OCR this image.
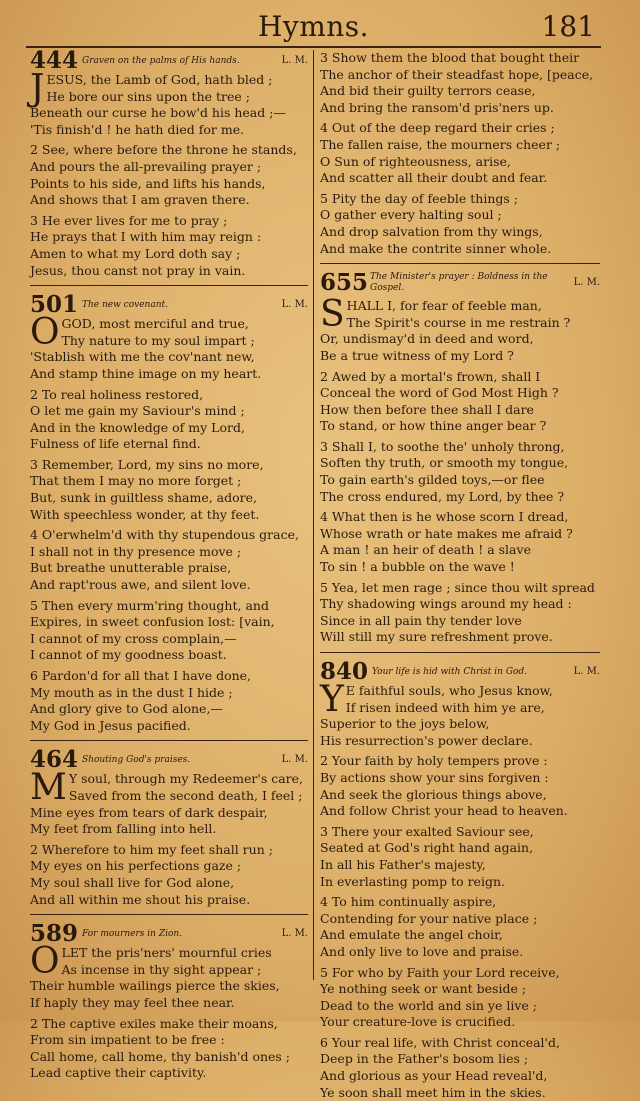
Hymns.	181
444 Graven on the palms of His hands.	L. M.
J ESUS, the Lamb of God, hath bled ;
He bore our sins upon the tree ;
Beneath our curse he bow'd his head ;—
'Tis finish'd ! he hath died for me.
2 See, where before the throne he stands,
And pours the all-prevailing prayer ;
Points to his side, and lifts his hands,
And shows that I am graven there.
3 He ever lives for me to pray ;
He prays that I with him may reign :
Amen to what my Lord doth say ;
Jesus, thou canst not pray in vain.
501 The new covenant.	L. M.
O GOD, most merciful and true,
Thy nature to my soul impart ;
'Stablish with me the cov'nant new,
And stamp thine image on my heart.
2 To real holiness restored,
O let me gain my Saviour's mind ;
And in the knowledge of my Lord,
Fulness of life eternal find.
3 Remember, Lord, my sins no more,
That them I may no more forget ;
But, sunk in guiltless shame, adore,
With speechless wonder, at thy feet.
4 O'erwhelm'd with thy stupendous grace,
I shall not in thy presence move ;
But breathe unutterable praise,
And rapt'rous awe, and silent love.
5 Then every murm'ring thought, and
Expires, in sweet confusion lost: [vain,
I cannot of my cross complain,—
I cannot of my goodness boast.
6 Pardon'd for all that I have done,
My mouth as in the dust I hide ;
And glory give to God alone,—
My God in Jesus pacified.
464 Shouting God's praises.	L. M.
M Y soul, through my Redeemer's care,
Saved from the second death, I feel ;
Mine eyes from tears of dark despair,
My feet from falling into hell.
2 Wherefore to him my feet shall run ;
My eyes on his perfections gaze ;
My soul shall live for God alone,
And all within me shout his praise.
589 For mourners in Zion.	L. M.
O LET the pris'ners' mournful cries
As incense in thy sight appear ;
Their humble wailings pierce the skies,
If haply they may feel thee near.
2 The captive exiles make their moans,
From sin impatient to be free :
Call home, call home, thy banish'd ones ;
Lead captive their captivity.
3 Show them the blood that bought their
The anchor of their steadfast hope, [peace,
And bid their guilty terrors cease,
And bring the ransom'd pris'ners up.
4 Out of the deep regard their cries ;
The fallen raise, the mourners cheer ;
O Sun of righteousness, arise,
And scatter all their doubt and fear.
5 Pity the day of feeble things ;
O gather every halting soul ;
And drop salvation from thy wings,
And make the contrite sinner whole.
655 The Minister's prayer : Boldness in the Gospel.	L. M.
S HALL I, for fear of feeble man,
The Spirit's course in me restrain ?
Or, undismay'd in deed and word,
Be a true witness of my Lord ?
2 Awed by a mortal's frown, shall I
Conceal the word of God Most High ?
How then before thee shall I dare
To stand, or how thine anger bear ?
3 Shall I, to soothe the' unholy throng,
Soften thy truth, or smooth my tongue,
To gain earth's gilded toys,—or flee
The cross endured, my Lord, by thee ?
4 What then is he whose scorn I dread,
Whose wrath or hate makes me afraid ?
A man ! an heir of death ! a slave
To sin ! a bubble on the wave !
5 Yea, let men rage ; since thou wilt spread
Thy shadowing wings around my head :
Since in all pain thy tender love
Will still my sure refreshment prove.
840 Your life is hid with Christ in God.	L. M.
Y E faithful souls, who Jesus know,
If risen indeed with him ye are,
Superior to the joys below,
His resurrection's power declare.
2 Your faith by holy tempers prove :
By actions show your sins forgiven :
And seek the glorious things above,
And follow Christ your head to heaven.
3 There your exalted Saviour see,
Seated at God's right hand again,
In all his Father's majesty,
In everlasting pomp to reign.
4 To him continually aspire,
Contending for your native place ;
And emulate the angel choir,
And only live to love and praise.
5 For who by Faith your Lord receive,
Ye nothing seek or want beside ;
Dead to the world and sin ye live ;
Your creature-love is crucified.
6 Your real life, with Christ conceal'd,
Deep in the Father's bosom lies ;
And glorious as your Head reveal'd,
Ye soon shall meet him in the skies.
